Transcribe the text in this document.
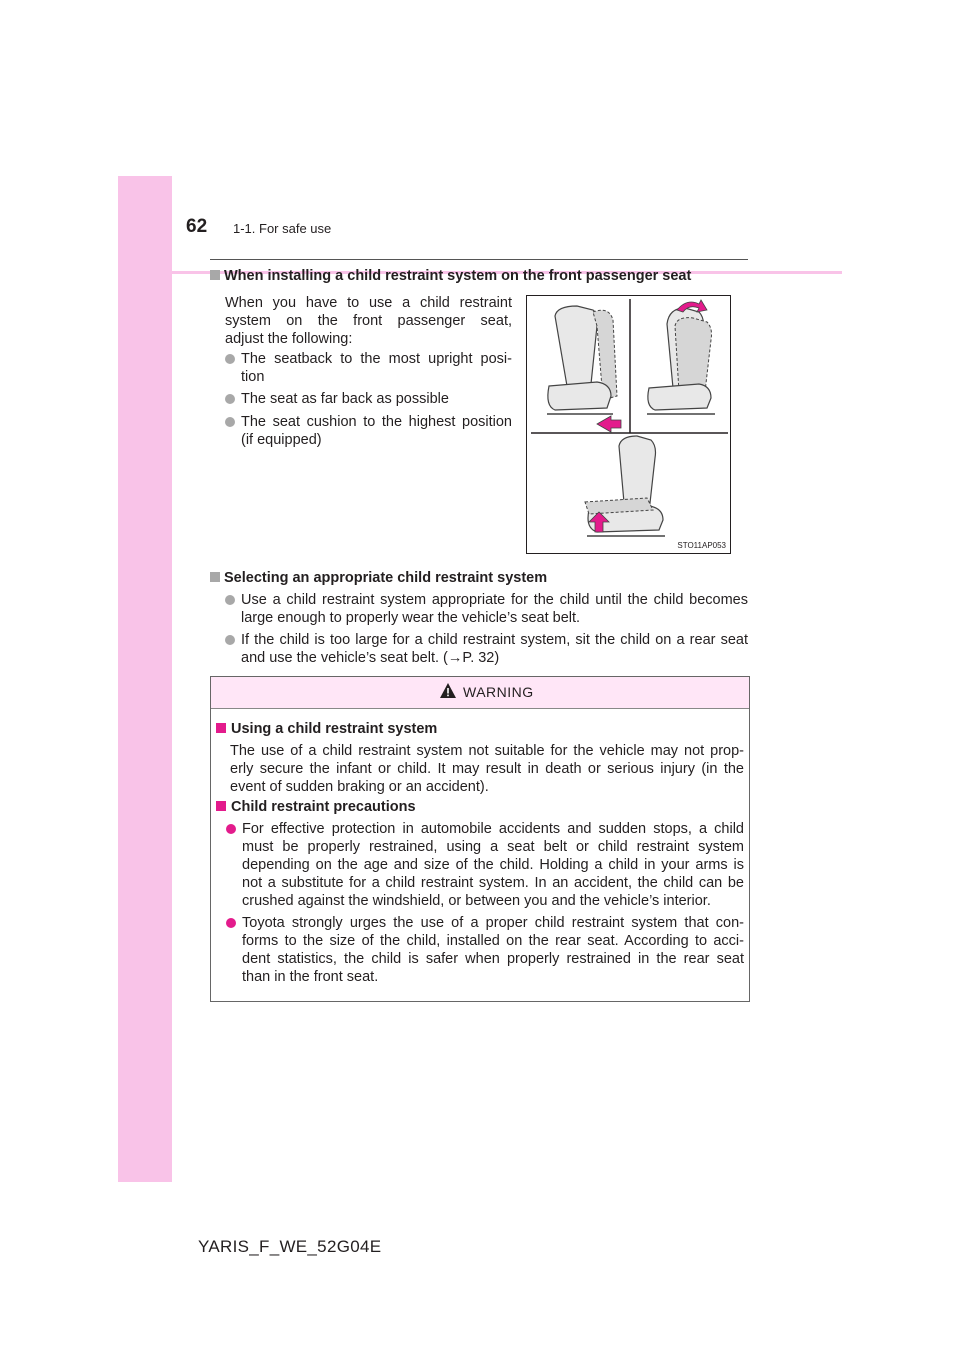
62 1-1. For safe use
When installing a child restraint system on the front passenger seat
When you have to use a child restraint
system on the front passenger seat,
adjust the following:
The seatback to the most upright posi-
tion
The seat as far back as possible
The seat cushion to the highest position
(if equipped)
STO11AP053
Selecting an appropriate child restraint system
Use a child restraint system appropriate for the child until the child becomes
large enough to properly wear the vehicle’s seat belt.
If the child is too large for a child restraint system, sit the child on a rear seat
and use the vehicle’s seat belt. (→P. 32)
WARNING
Using a child restraint system
The use of a child restraint system not suitable for the vehicle may not prop-
erly secure the infant or child. It may result in death or serious injury (in the
event of sudden braking or an accident).
Child restraint precautions
For effective protection in automobile accidents and sudden stops, a child
must be properly restrained, using a seat belt or child restraint system
depending on the age and size of the child. Holding a child in your arms is
not a substitute for a child restraint system. In an accident, the child can be
crushed against the windshield, or between you and the vehicle’s interior.
Toyota strongly urges the use of a proper child restraint system that con-
forms to the size of the child, installed on the rear seat. According to acci-
dent statistics, the child is safer when properly restrained in the rear seat
than in the front seat.
YARIS_F_WE_52G04E
